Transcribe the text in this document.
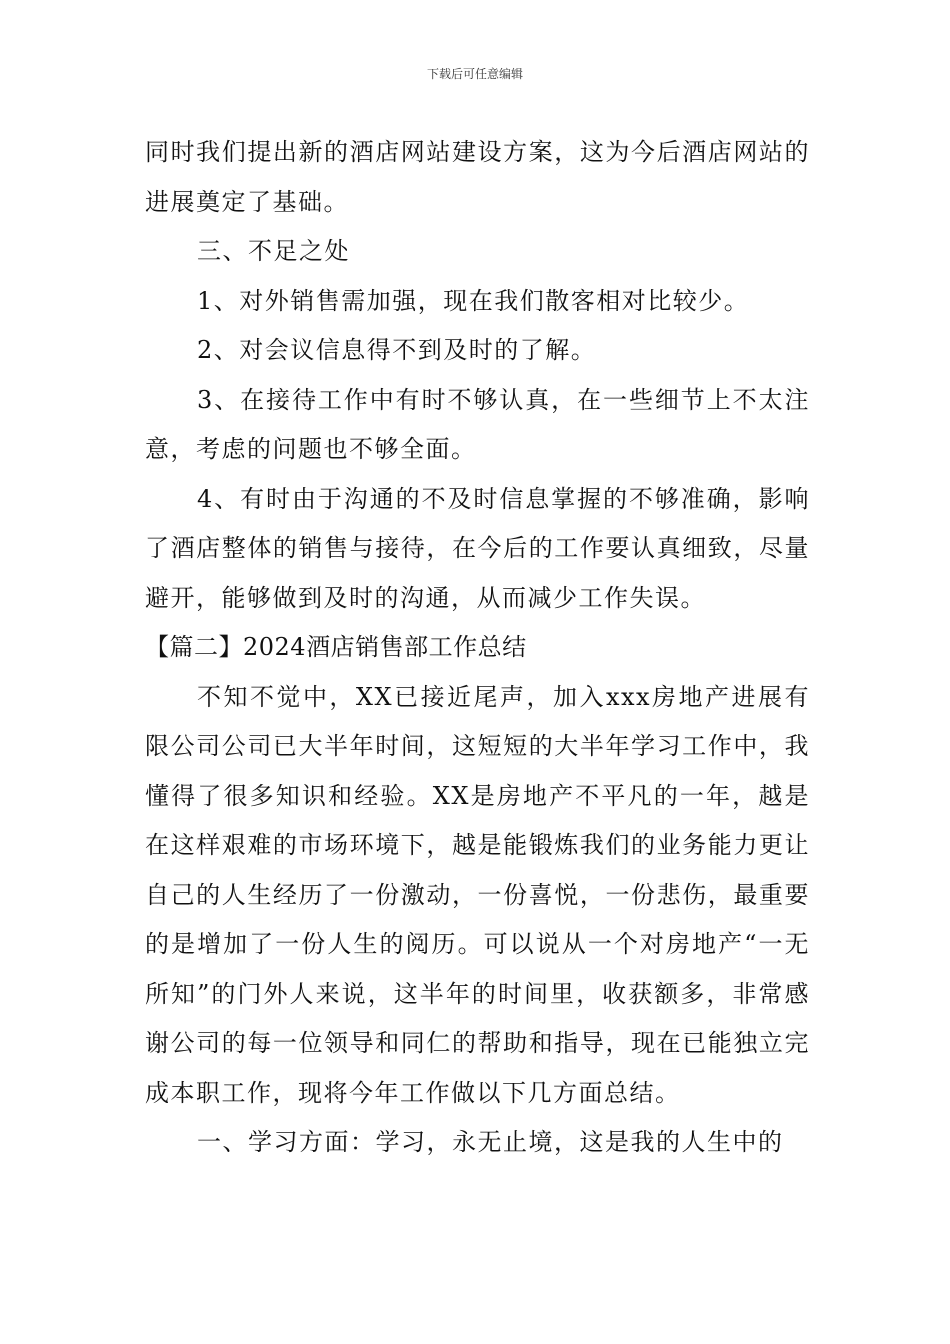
下载后可任意编辑

同时我们提出新的酒店网站建设方案，这为今后酒店网站的进展奠定了基础。

三、不足之处

1、对外销售需加强，现在我们散客相对比较少。

2、对会议信息得不到及时的了解。

3、在接待工作中有时不够认真，在一些细节上不太注意，考虑的问题也不够全面。

4、有时由于沟通的不及时信息掌握的不够准确，影响了酒店整体的销售与接待，在今后的工作要认真细致，尽量避开，能够做到及时的沟通，从而减少工作失误。

【篇二】2024酒店销售部工作总结

不知不觉中，XX已接近尾声，加入xxx房地产进展有限公司公司已大半年时间，这短短的大半年学习工作中，我懂得了很多知识和经验。XX是房地产不平凡的一年，越是在这样艰难的市场环境下，越是能锻炼我们的业务能力更让自己的人生经历了一份激动，一份喜悦，一份悲伤，最重要的是增加了一份人生的阅历。可以说从一个对房地产“一无所知”的门外人来说，这半年的时间里，收获额多，非常感谢公司的每一位领导和同仁的帮助和指导，现在已能独立完成本职工作，现将今年工作做以下几方面总结。

一、学习方面：学习，永无止境，这是我的人生中的
